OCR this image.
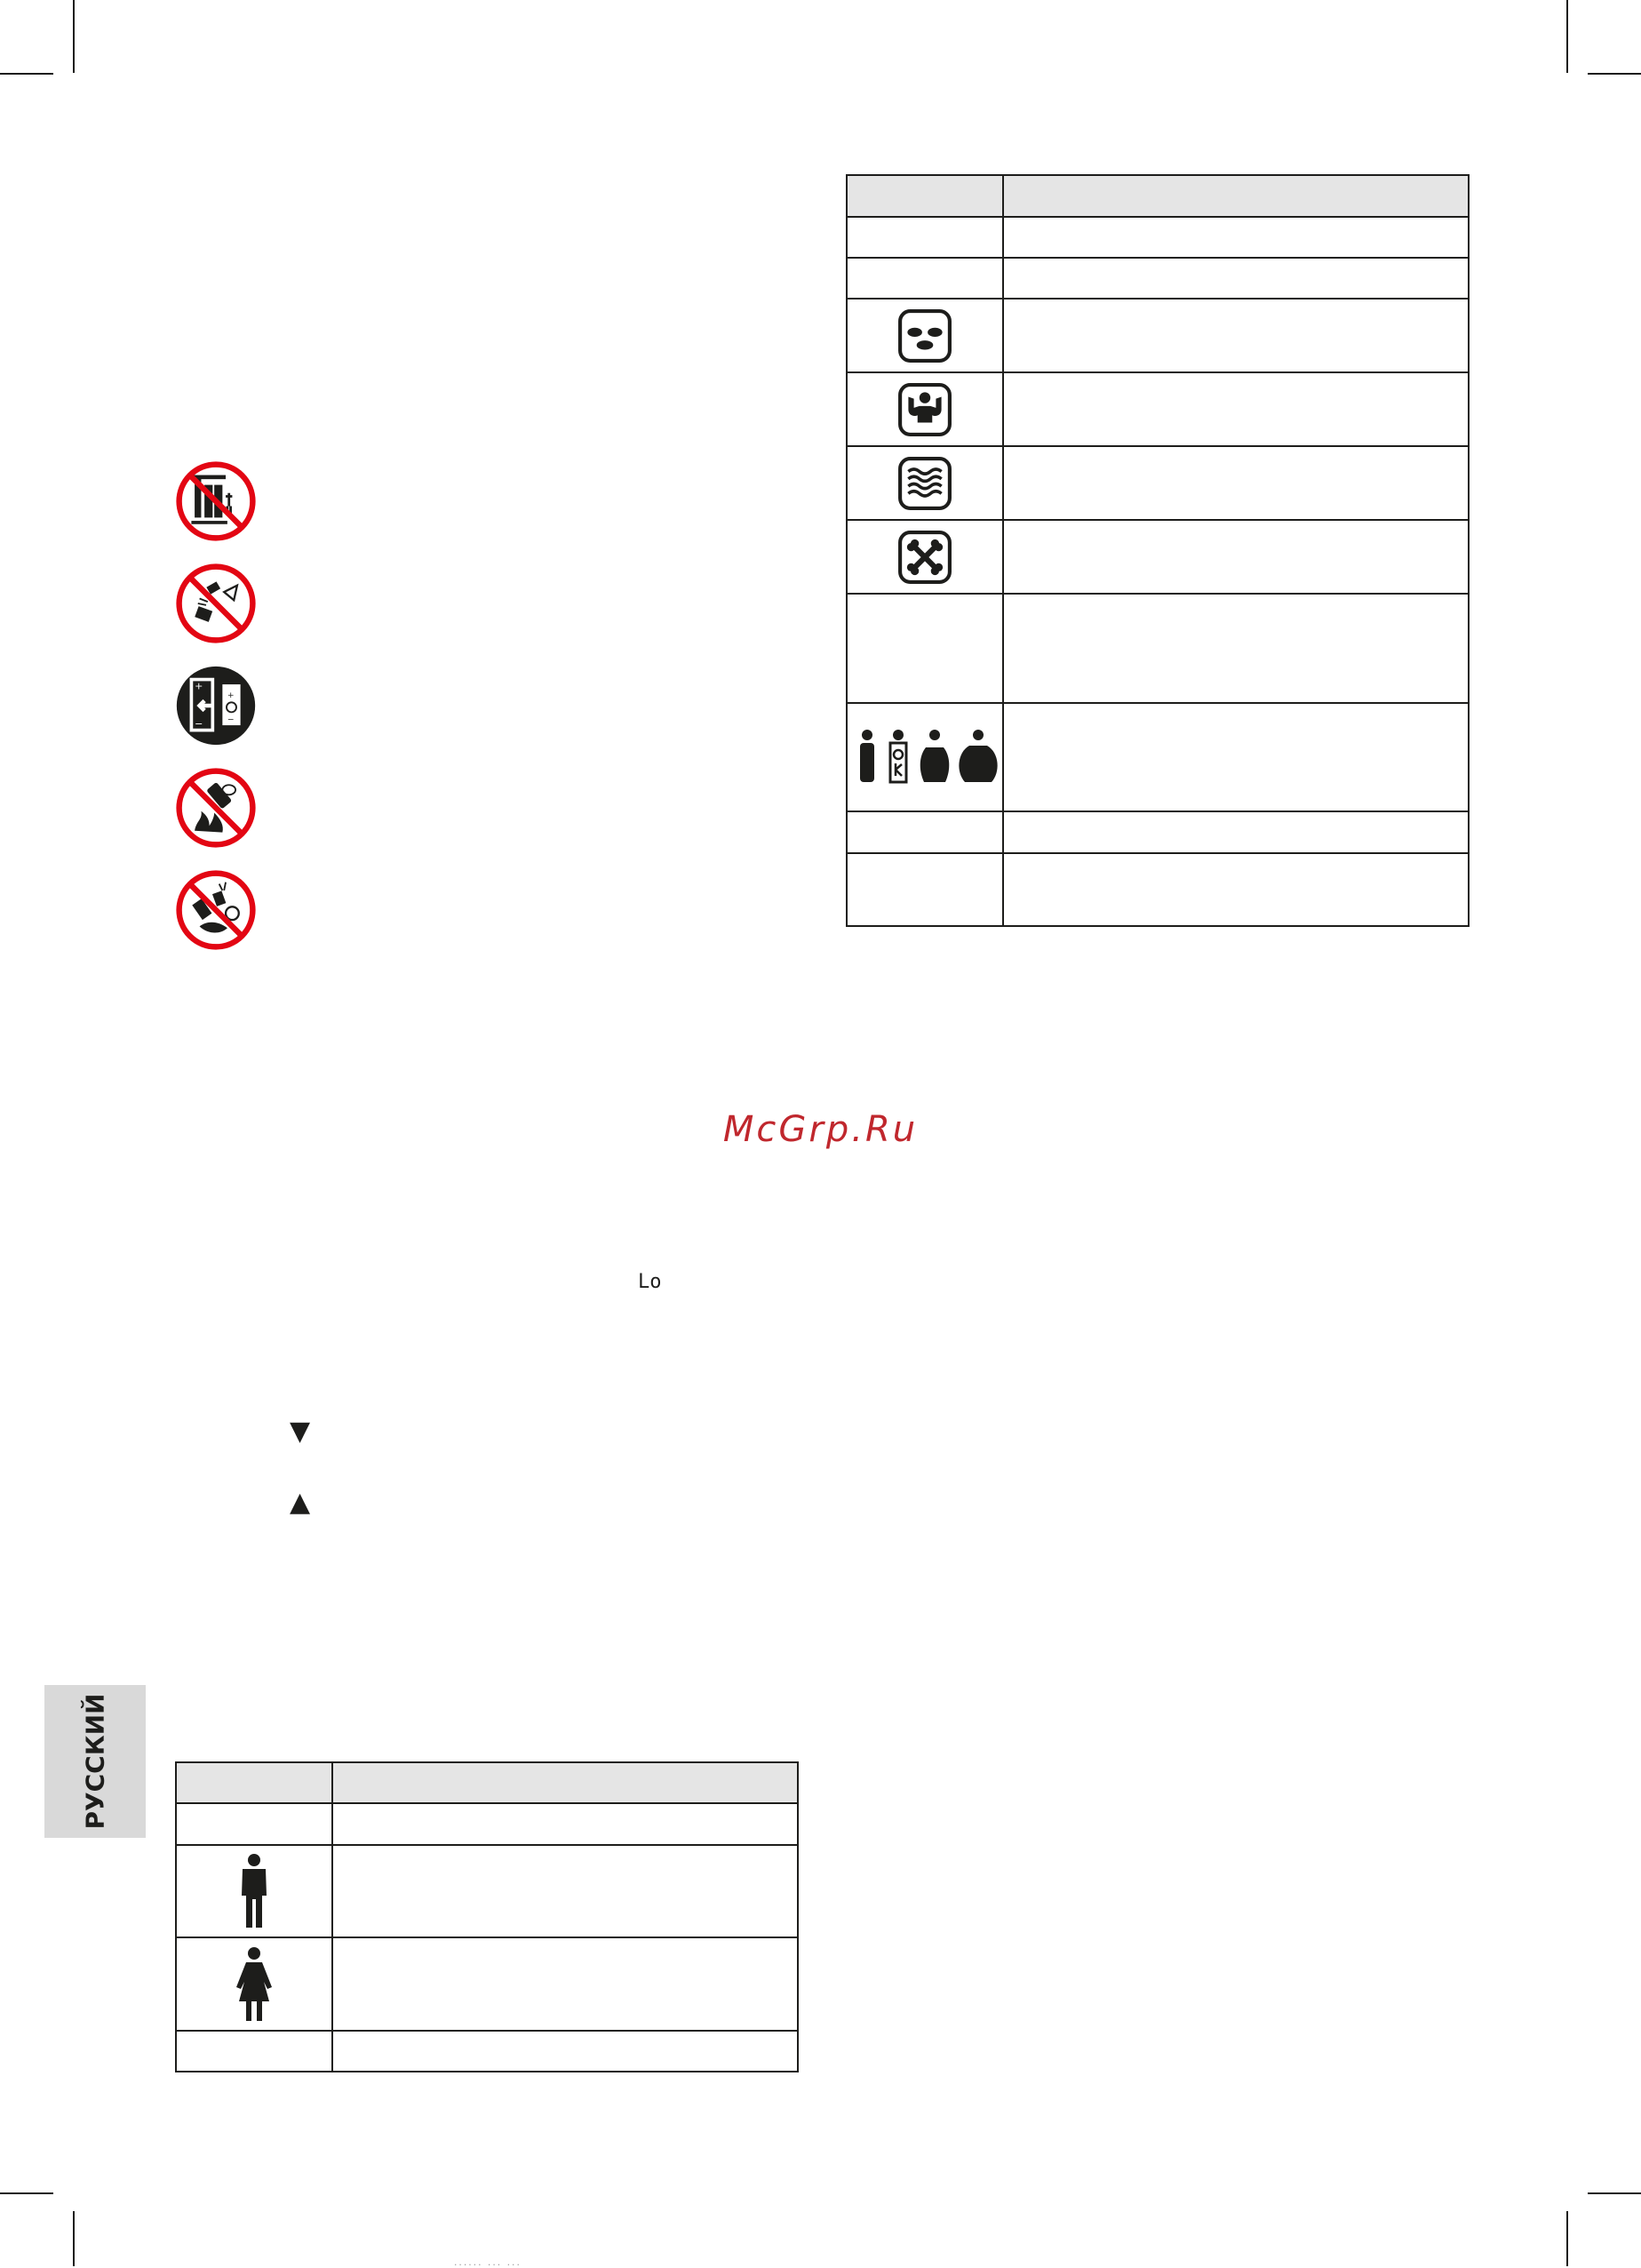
+
−
+
−

McGrp.Ru
Lo
▼
▲
РУССКИЙ

...... ... ...
